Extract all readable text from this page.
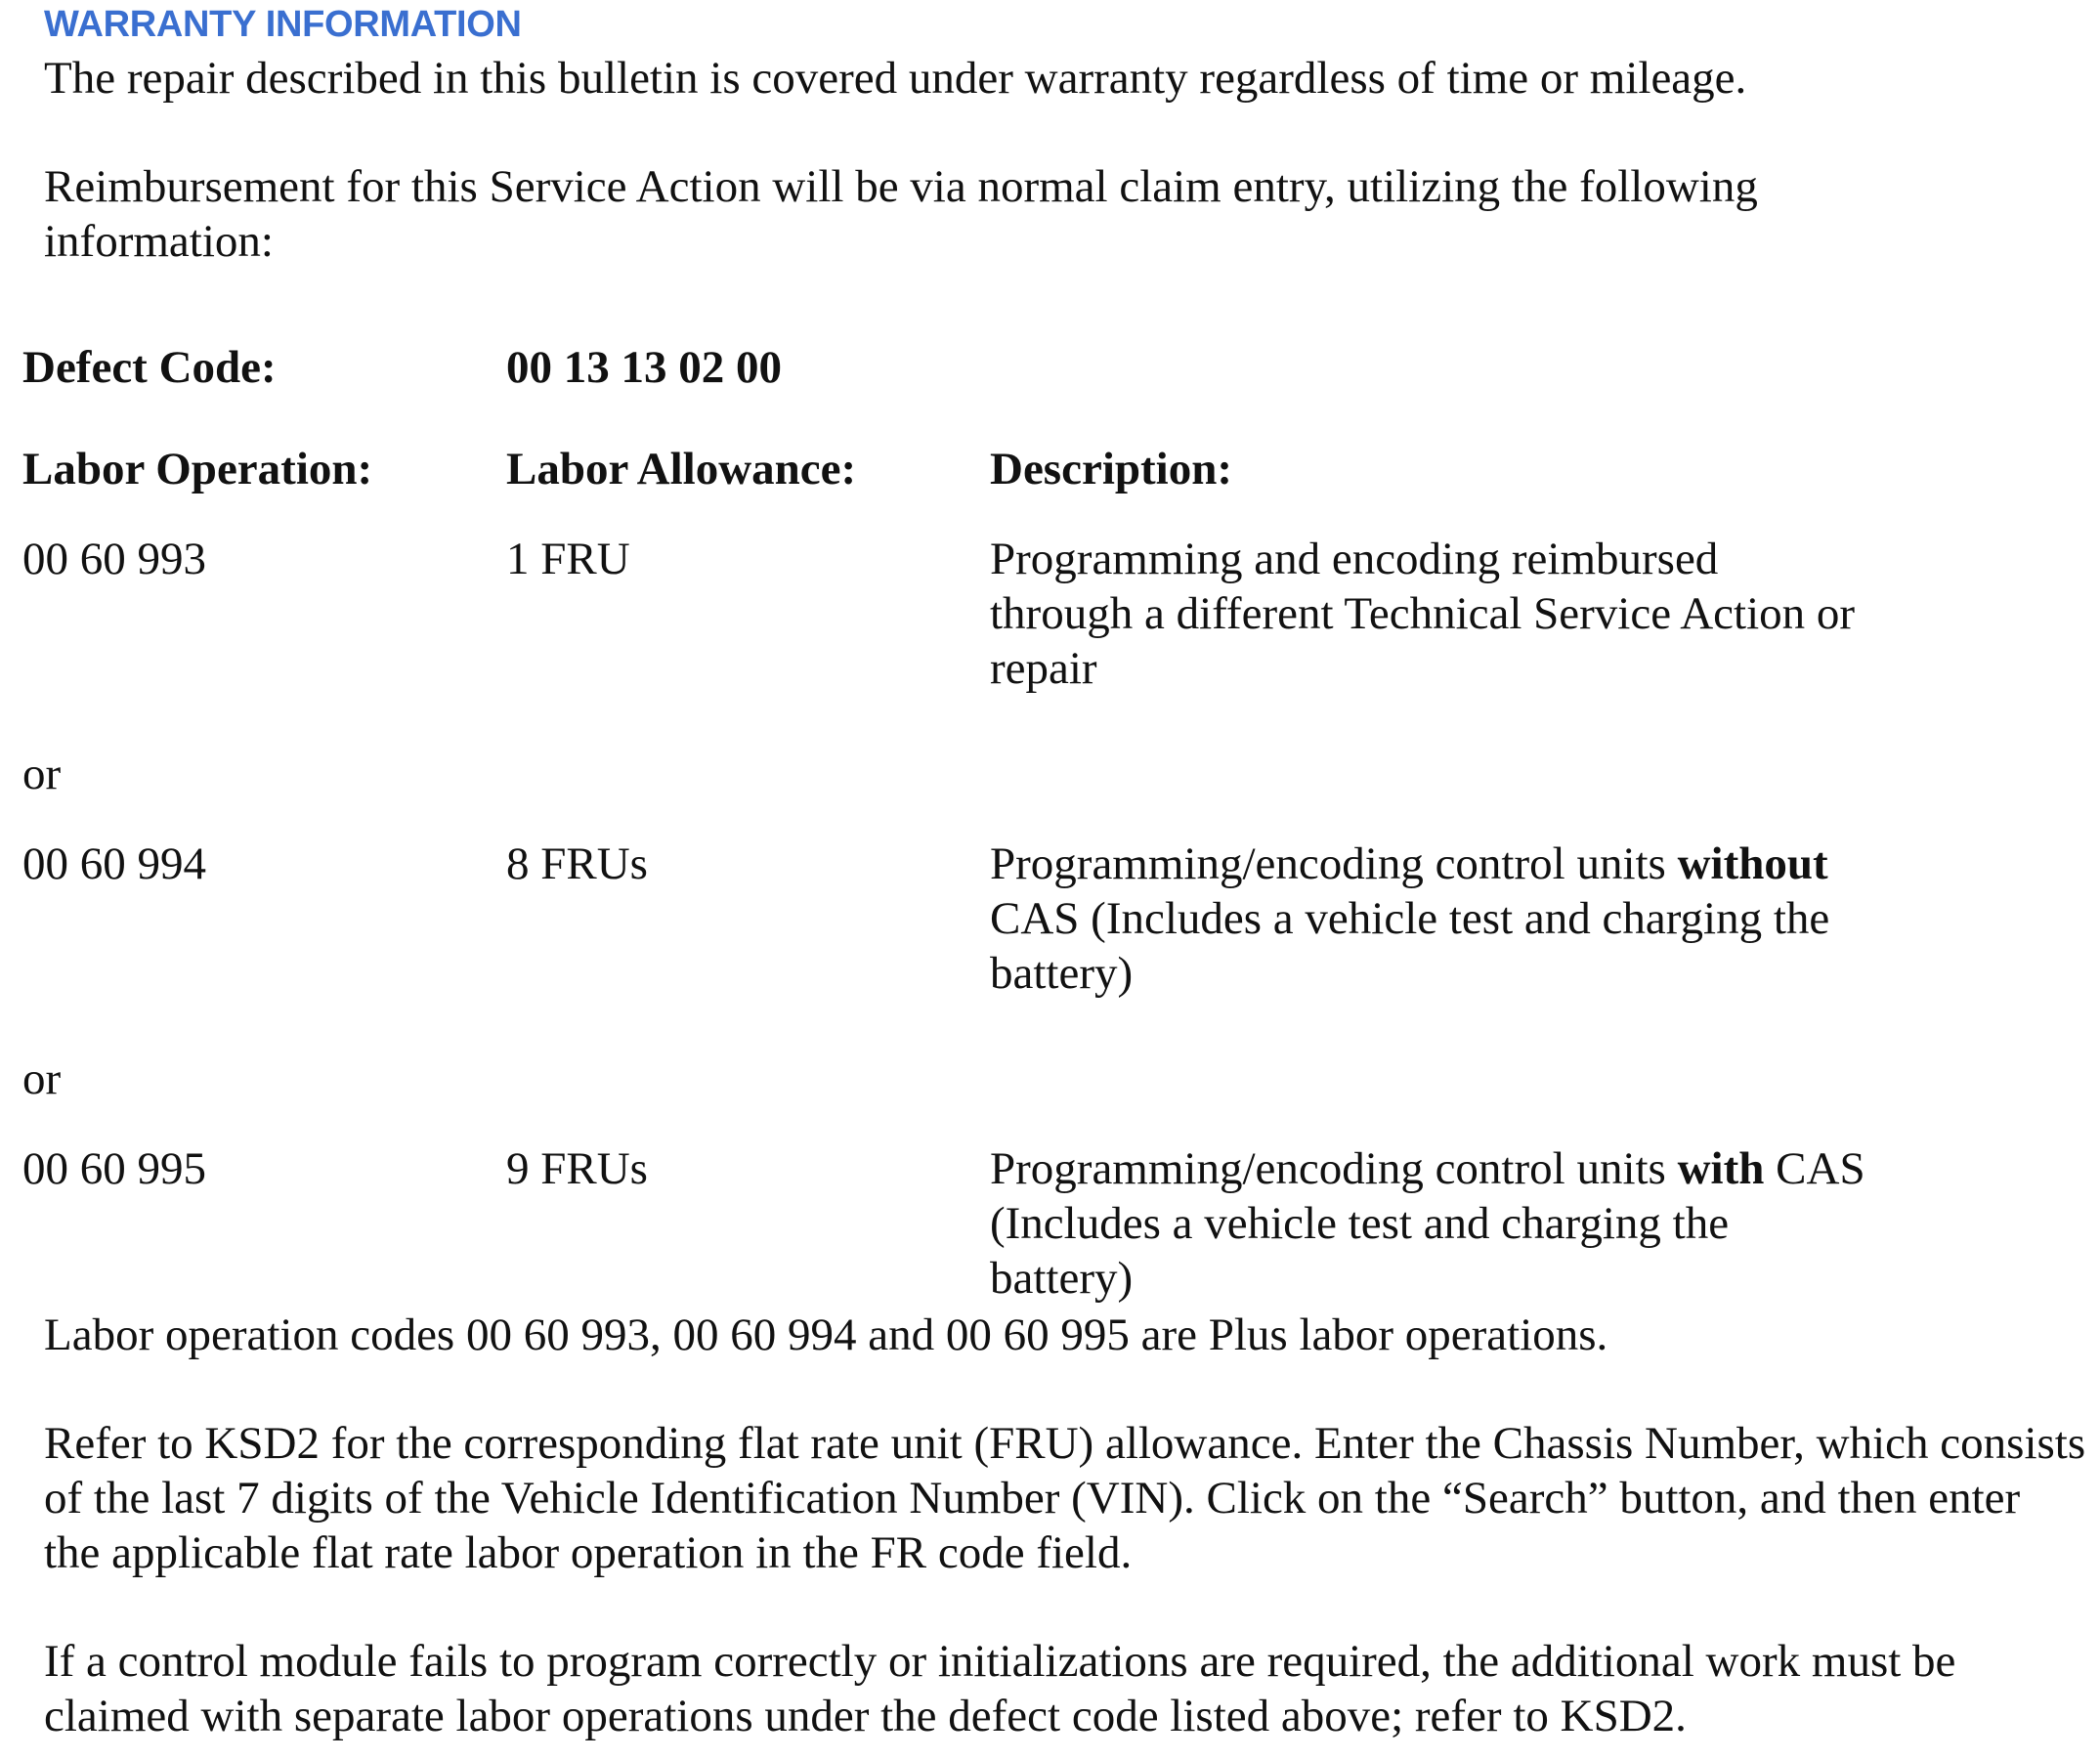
WARRANTY INFORMATION

The repair described in this bulletin is covered under warranty regardless of time or mileage.

Reimbursement for this Service Action will be via normal claim entry, utilizing the following information:

Defect Code:	00 13 13 02 00
Labor Operation:	Labor Allowance:	Description:
00 60 993	1 FRU	Programming and encoding reimbursed through a different Technical Service Action or repair
or
00 60 994	8 FRUs	Programming/encoding control units without CAS (Includes a vehicle test and charging the battery)
or
00 60 995	9 FRUs	Programming/encoding control units with CAS (Includes a vehicle test and charging the battery)

Labor operation codes 00 60 993, 00 60 994 and 00 60 995 are Plus labor operations.

Refer to KSD2 for the corresponding flat rate unit (FRU) allowance. Enter the Chassis Number, which consists of the last 7 digits of the Vehicle Identification Number (VIN). Click on the “Search” button, and then enter the applicable flat rate labor operation in the FR code field.

If a control module fails to program correctly or initializations are required, the additional work must be claimed with separate labor operations under the defect code listed above; refer to KSD2.
